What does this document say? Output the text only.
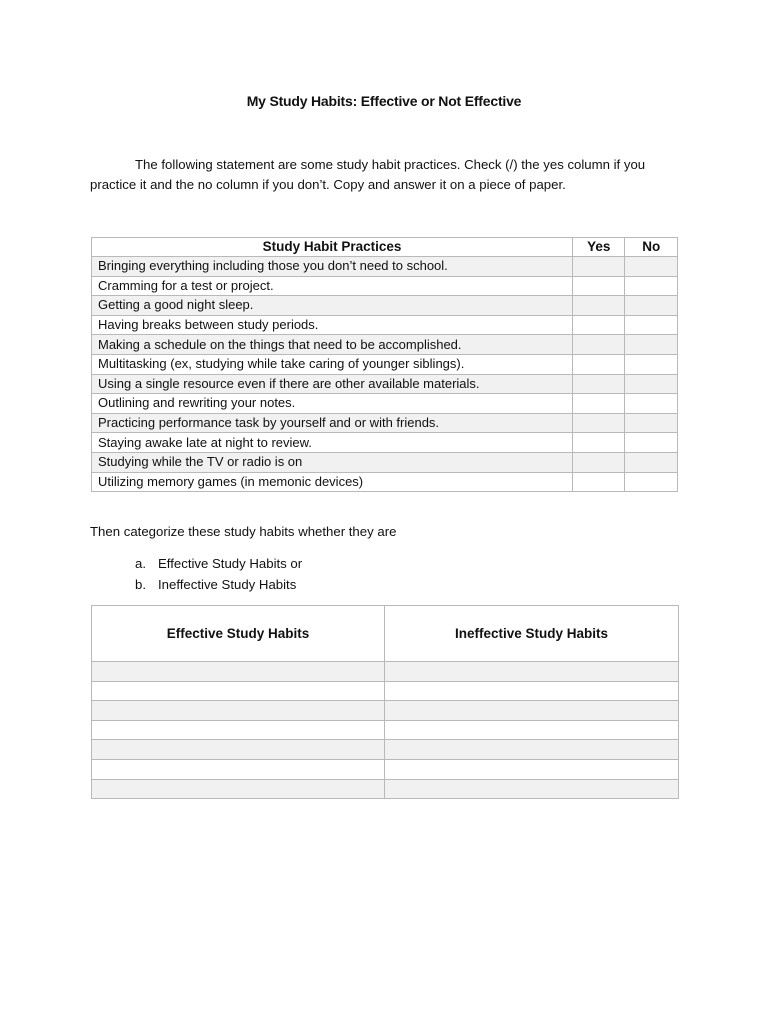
My Study Habits: Effective or Not Effective
The following statement are some study habit practices. Check (/) the yes column if you practice it and the no column if you don’t. Copy and answer it on a piece of paper.
Study Habit Practices	Yes	No
Bringing everything including those you don’t need to school.		
Cramming for a test or project.		
Getting a good night sleep.		
Having breaks between study periods.		
Making a schedule on the things that need to be accomplished.		
Multitasking (ex, studying while take caring of younger siblings).		
Using a single resource even if there are other available materials.		
Outlining and rewriting your notes.		
Practicing performance task by yourself and or with friends.		
Staying awake late at night to review.		
Studying while the TV or radio is on		
Utilizing memory games (in memonic devices)		
Then categorize these study habits whether they are
a. Effective Study Habits or
b. Ineffective Study Habits
Effective Study Habits	Ineffective Study Habits
